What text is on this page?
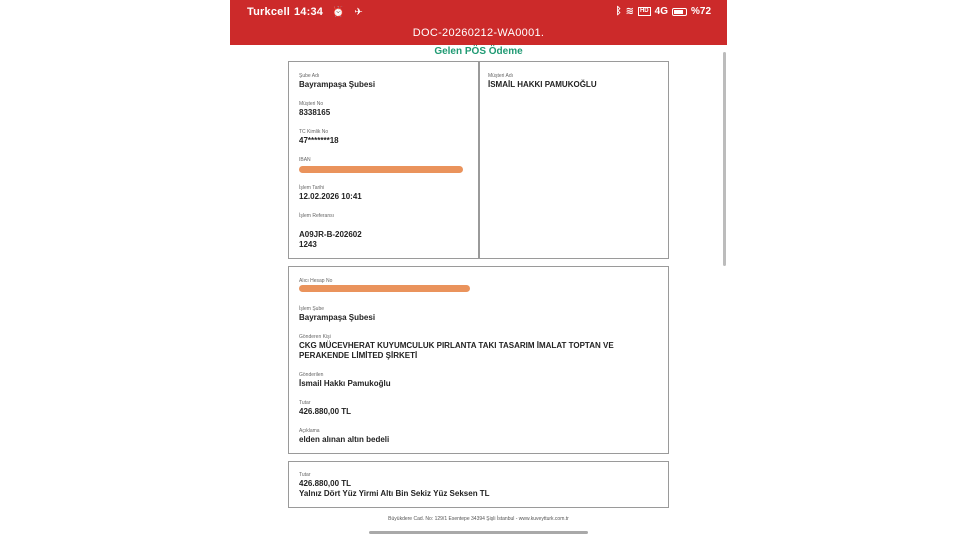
Turkcell 14:34 ⏰ ✈	ᛒ ≋	HD 4G %72
DOC-20260212-WA0001.
Gelen PÖS Ödeme
Şube Adı
Bayrampaşa Şubesi
Müşteri No
8338165
TC Kimlik No
47*******18
IBAN
İşlem Tarihi
12.02.2026 10:41
İşlem Referansı
A09JR-B-202602
1243
Müşteri Adı
İSMAİL HAKKI PAMUKOĞLU
Alıcı Hesap No
İşlem Şube
Bayrampaşa Şubesi
Gönderen Kişi
CKG MÜCEVHERAT KUYUMCULUK PIRLANTA TAKI TASARIM İMALAT TOPTAN VE
PERAKENDE LİMİTED ŞİRKETİ
Gönderilen
İsmail Hakkı Pamukoğlu
Tutar
426.880,00 TL
Açıklama
elden alınan altın bedeli
Tutar
426.880,00 TL
Yalnız Dört Yüz Yirmi Altı Bin Sekiz Yüz Seksen TL
Büyükdere Cad. No: 129/1 Esentepe 34394 Şişli İstanbul - www.kuveytturk.com.tr
